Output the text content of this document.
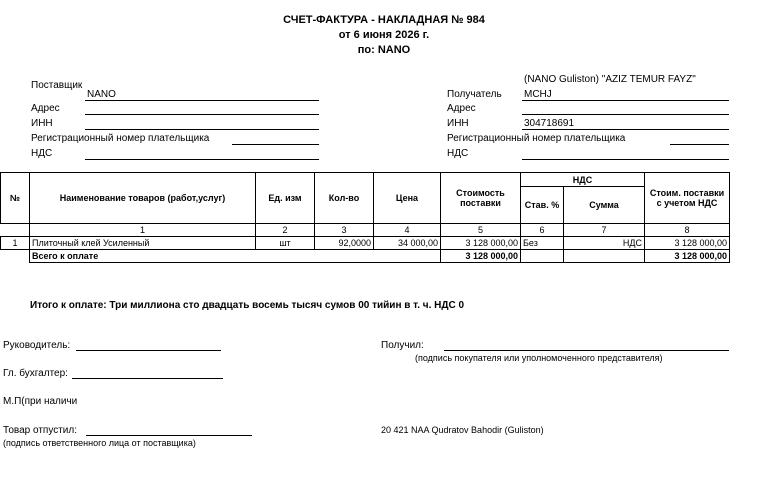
СЧЕТ-ФАКТУРА - НАКЛАДНАЯ № 984
от 6 июня 2026 г.
по: NANO
Поставщик
NANO
Адрес
ИНН
Регистрационный номер плательщика
НДС
(NANO Guliston) "AZIZ TEMUR FAYZ"
Получатель MCHJ
Адрес
ИНН	304718691
Регистрационный номер плательщика
НДС
№	Наименование товаров (работ,услуг)	Ед. изм	Кол-во	Цена	Стоимость поставки	НДС		Стоим. поставки с учетом НДС
						Став. %	Сумма	
	1	2	3	4	5	6	7	8
1	Плиточный клей Усиленный	шт	92,0000	34 000,00	3 128 000,00	Без	НДС	3 128 000,00
	Всего к оплате				3 128 000,00			3 128 000,00
Итого к оплате: Три миллиона сто двадцать восемь тысяч сумов 00 тийин в т. ч. НДС 0
Руководитель:	Получил:
(подпись покупателя или уполномоченного представителя)
Гл. бухгалтер:
М.П(при наличи
Товар отпустил:
(подпись ответственного лица от поставщика)
20 421 NAA Qudratov Bahodir (Guliston)
